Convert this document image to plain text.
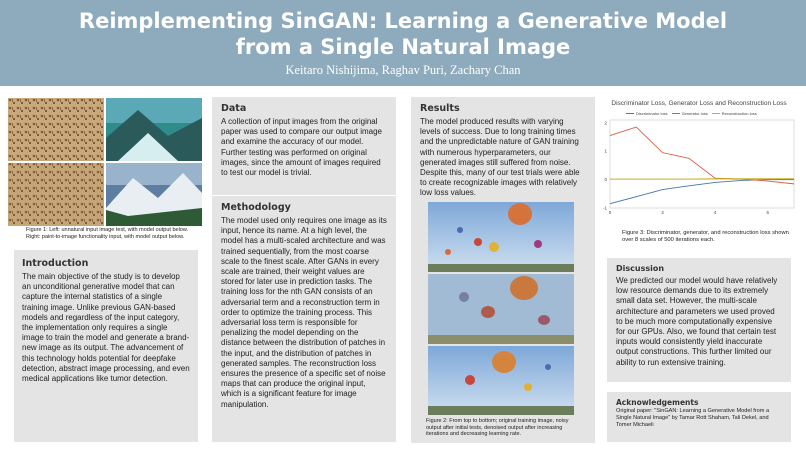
Reimplementing SinGAN: Learning a Generative Model
from a Single Natural Image
Keitaro Nishijima, Raghav Puri, Zachary Chan
Figure 1: Left: unnatural input image test, with model output below. Right: paint-to-image functionality input, with model output below.
Introduction

The main objective of the study is to develop an unconditional generative model that can capture the internal statistics of a single training image. Unlike previous GAN-based models and regardless of the input category, the implementation only requires a single image to train the model and generate a brand-new image as its output. The advancement of this technology holds potential for deepfake detection, abstract image processing, and even medical applications like tumor detection.

Data

A collection of input images from the original paper was used to compare our output image and examine the accuracy of our model. Further testing was performed on original images, since the amount of images required to test our model is trivial.

Methodology

The model used only requires one image as its input, hence its name. At a high level, the model has a multi-scaled architecture and was trained sequentially, from the most coarse scale to the finest scale. After GANs in every scale are trained, their weight values are stored for later use in prediction tasks. The training loss for the nth GAN consists of an adversarial term and a reconstruction term in order to optimize the training process. This adversarial loss term is responsible for penalizing the model depending on the distance between the distribution of patches in the input, and the distribution of patches in generated samples. The reconstruction loss ensures the presence of a specific set of noise maps that can produce the original input, which is a significant feature for image manipulation.

Results

The model produced results with varying levels of success. Due to long training times and the unpredictable nature of GAN training with numerous hyperparameters, our generated images still suffered from noise. Despite this, many of our test trials were able to create recognizable images with relatively low loss values.

Figure 2: From top to bottom; original training image, noisy output after initial tests, denoised output after increasing iterations and decreasing learning rate.
Discriminator Loss, Generator Loss and Reconstruction Loss
Discriminator loss	Generator loss	Reconstruction loss
-1
0
1
2
0	2	4	6
Figure 3: Discriminator, generator, and reconstruction loss shown over 8 scales of 500 iterations each.
Discussion

We predicted our model would have relatively low resource demands due to its extremely small data set. However, the multi-scale architecture and parameters we used proved to be much more computationally expensive for our GPUs. Also, we found that certain test inputs would consistently yield inaccurate output constructions. This further limited our ability to run extensive training.

Acknowledgements

Original paper: "SinGAN: Learning a Generative Model from a Single Natural Image" by Tamar Rott Shaham, Tali Dekel, and Tomer Michaeli
